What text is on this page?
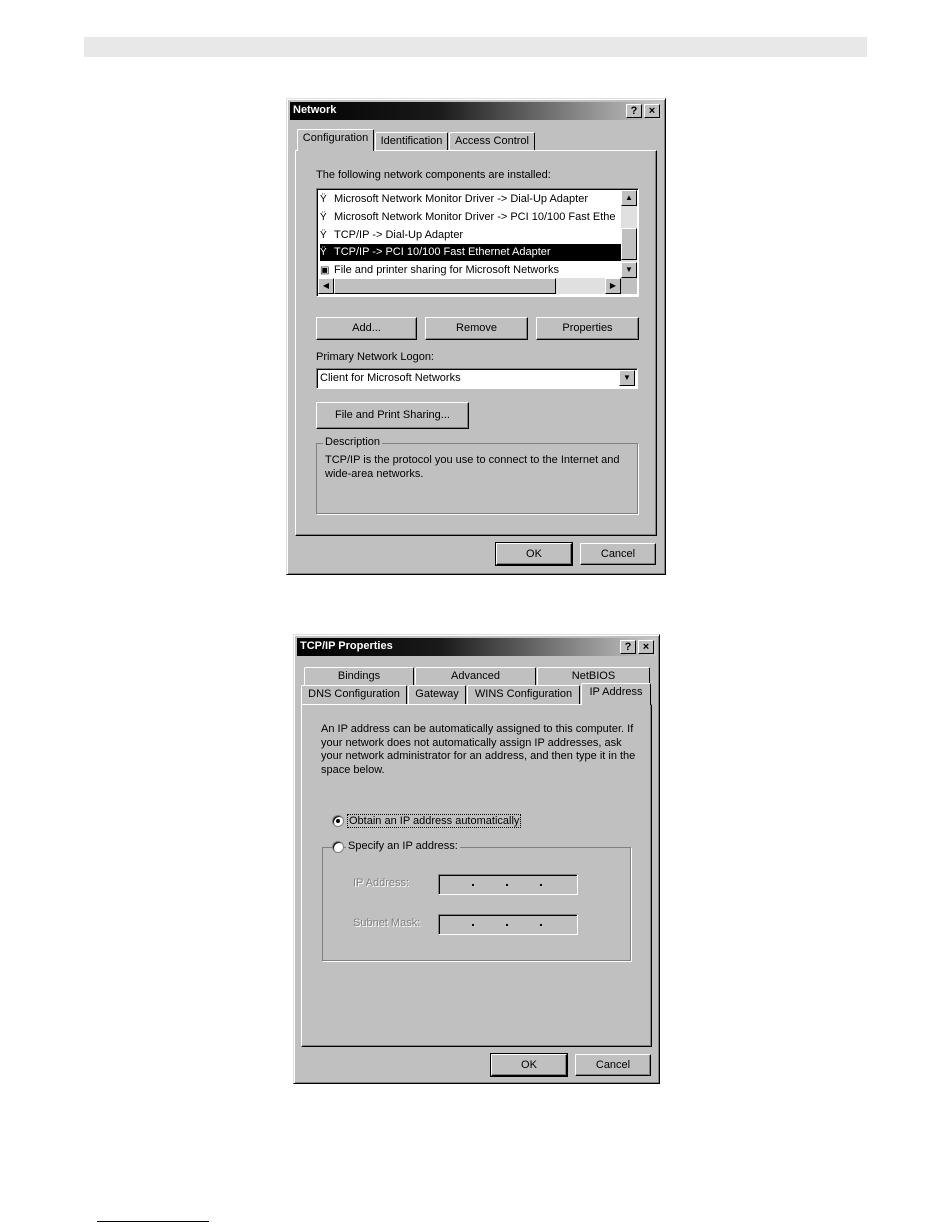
Network	?	×
Configuration	Identification	Access Control
The following network components are installed:
Ÿ Microsoft Network Monitor Driver -> Dial-Up Adapter
Ÿ Microsoft Network Monitor Driver -> PCI 10/100 Fast Ethe
Ÿ TCP/IP -> Dial-Up Adapter
Ÿ TCP/IP -> PCI 10/100 Fast Ethernet Adapter
▣ File and printer sharing for Microsoft Networks
▲
▼
◀	▶
Add...	Remove	Properties
Primary Network Logon:
Client for Microsoft Networks	▼
File and Print Sharing...
Description
TCP/IP is the protocol you use to connect to the Internet and wide-area networks.
OK	Cancel
TCP/IP Properties	?	×
Bindings	Advanced	NetBIOS
DNS Configuration	Gateway	WINS Configuration	IP Address
An IP address can be automatically assigned to this computer. If your network does not automatically assign IP addresses, ask your network administrator for an address, and then type it in the space below.
Obtain an IP address automatically
Specify an IP address:
IP Address:
Subnet Mask:
OK	Cancel
